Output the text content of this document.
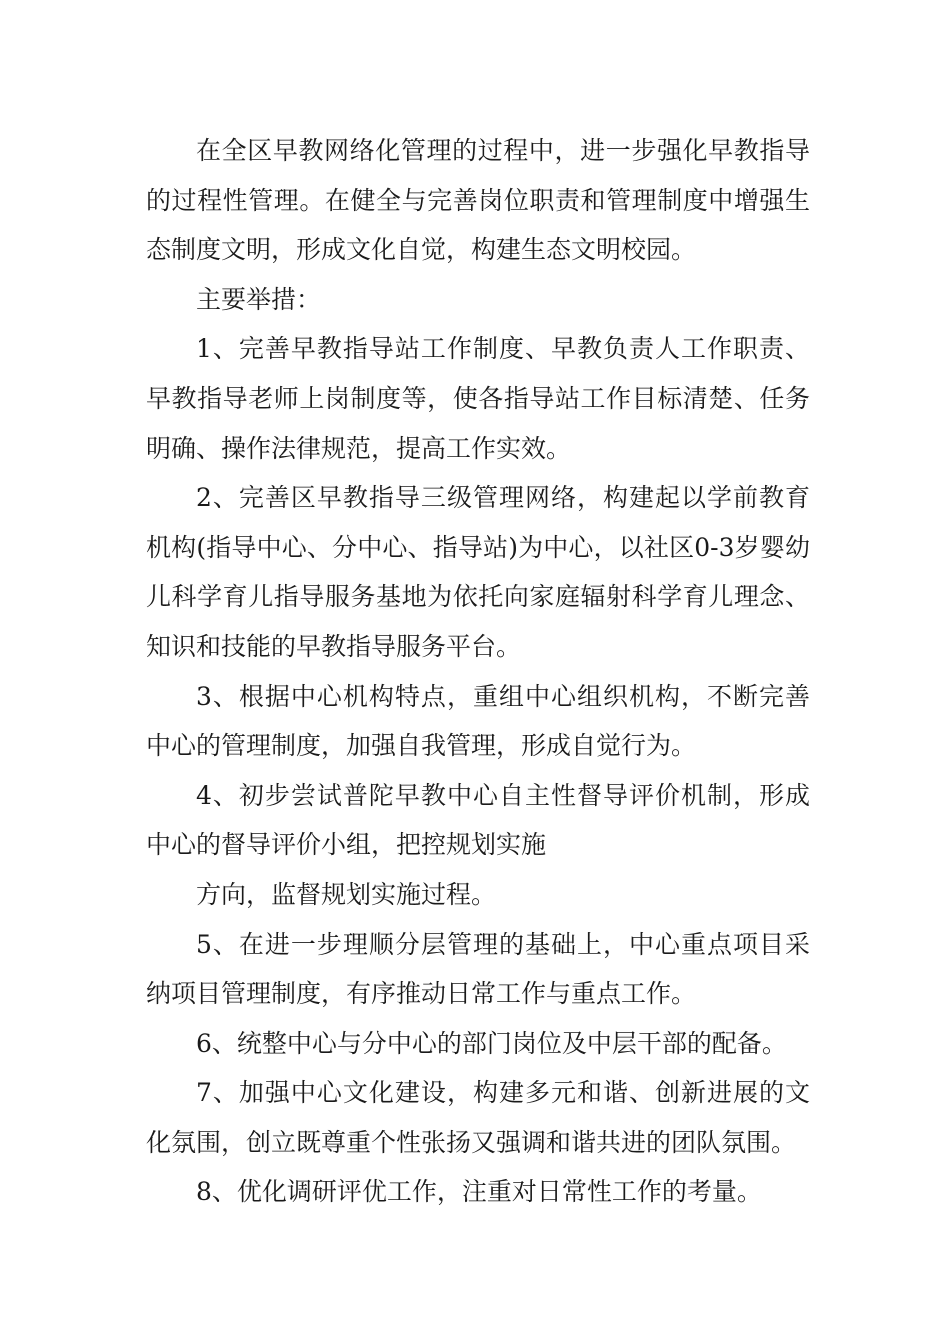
在全区早教网络化管理的过程中，进一步强化早教指导的过程性管理。在健全与完善岗位职责和管理制度中增强生态制度文明，形成文化自觉，构建生态文明校园。

主要举措：

1、完善早教指导站工作制度、早教负责人工作职责、早教指导老师上岗制度等，使各指导站工作目标清楚、任务明确、操作法律规范，提高工作实效。

2、完善区早教指导三级管理网络，构建起以学前教育机构(指导中心、分中心、指导站)为中心，以社区0-3岁婴幼儿科学育儿指导服务基地为依托向家庭辐射科学育儿理念、知识和技能的早教指导服务平台。

3、根据中心机构特点，重组中心组织机构，不断完善中心的管理制度，加强自我管理，形成自觉行为。

4、初步尝试普陀早教中心自主性督导评价机制，形成中心的督导评价小组，把控规划实施

方向，监督规划实施过程。

5、在进一步理顺分层管理的基础上，中心重点项目采纳项目管理制度，有序推动日常工作与重点工作。

6、统整中心与分中心的部门岗位及中层干部的配备。

7、加强中心文化建设，构建多元和谐、创新进展的文化氛围，创立既尊重个性张扬又强调和谐共进的团队氛围。

8、优化调研评优工作，注重对日常性工作的考量。
